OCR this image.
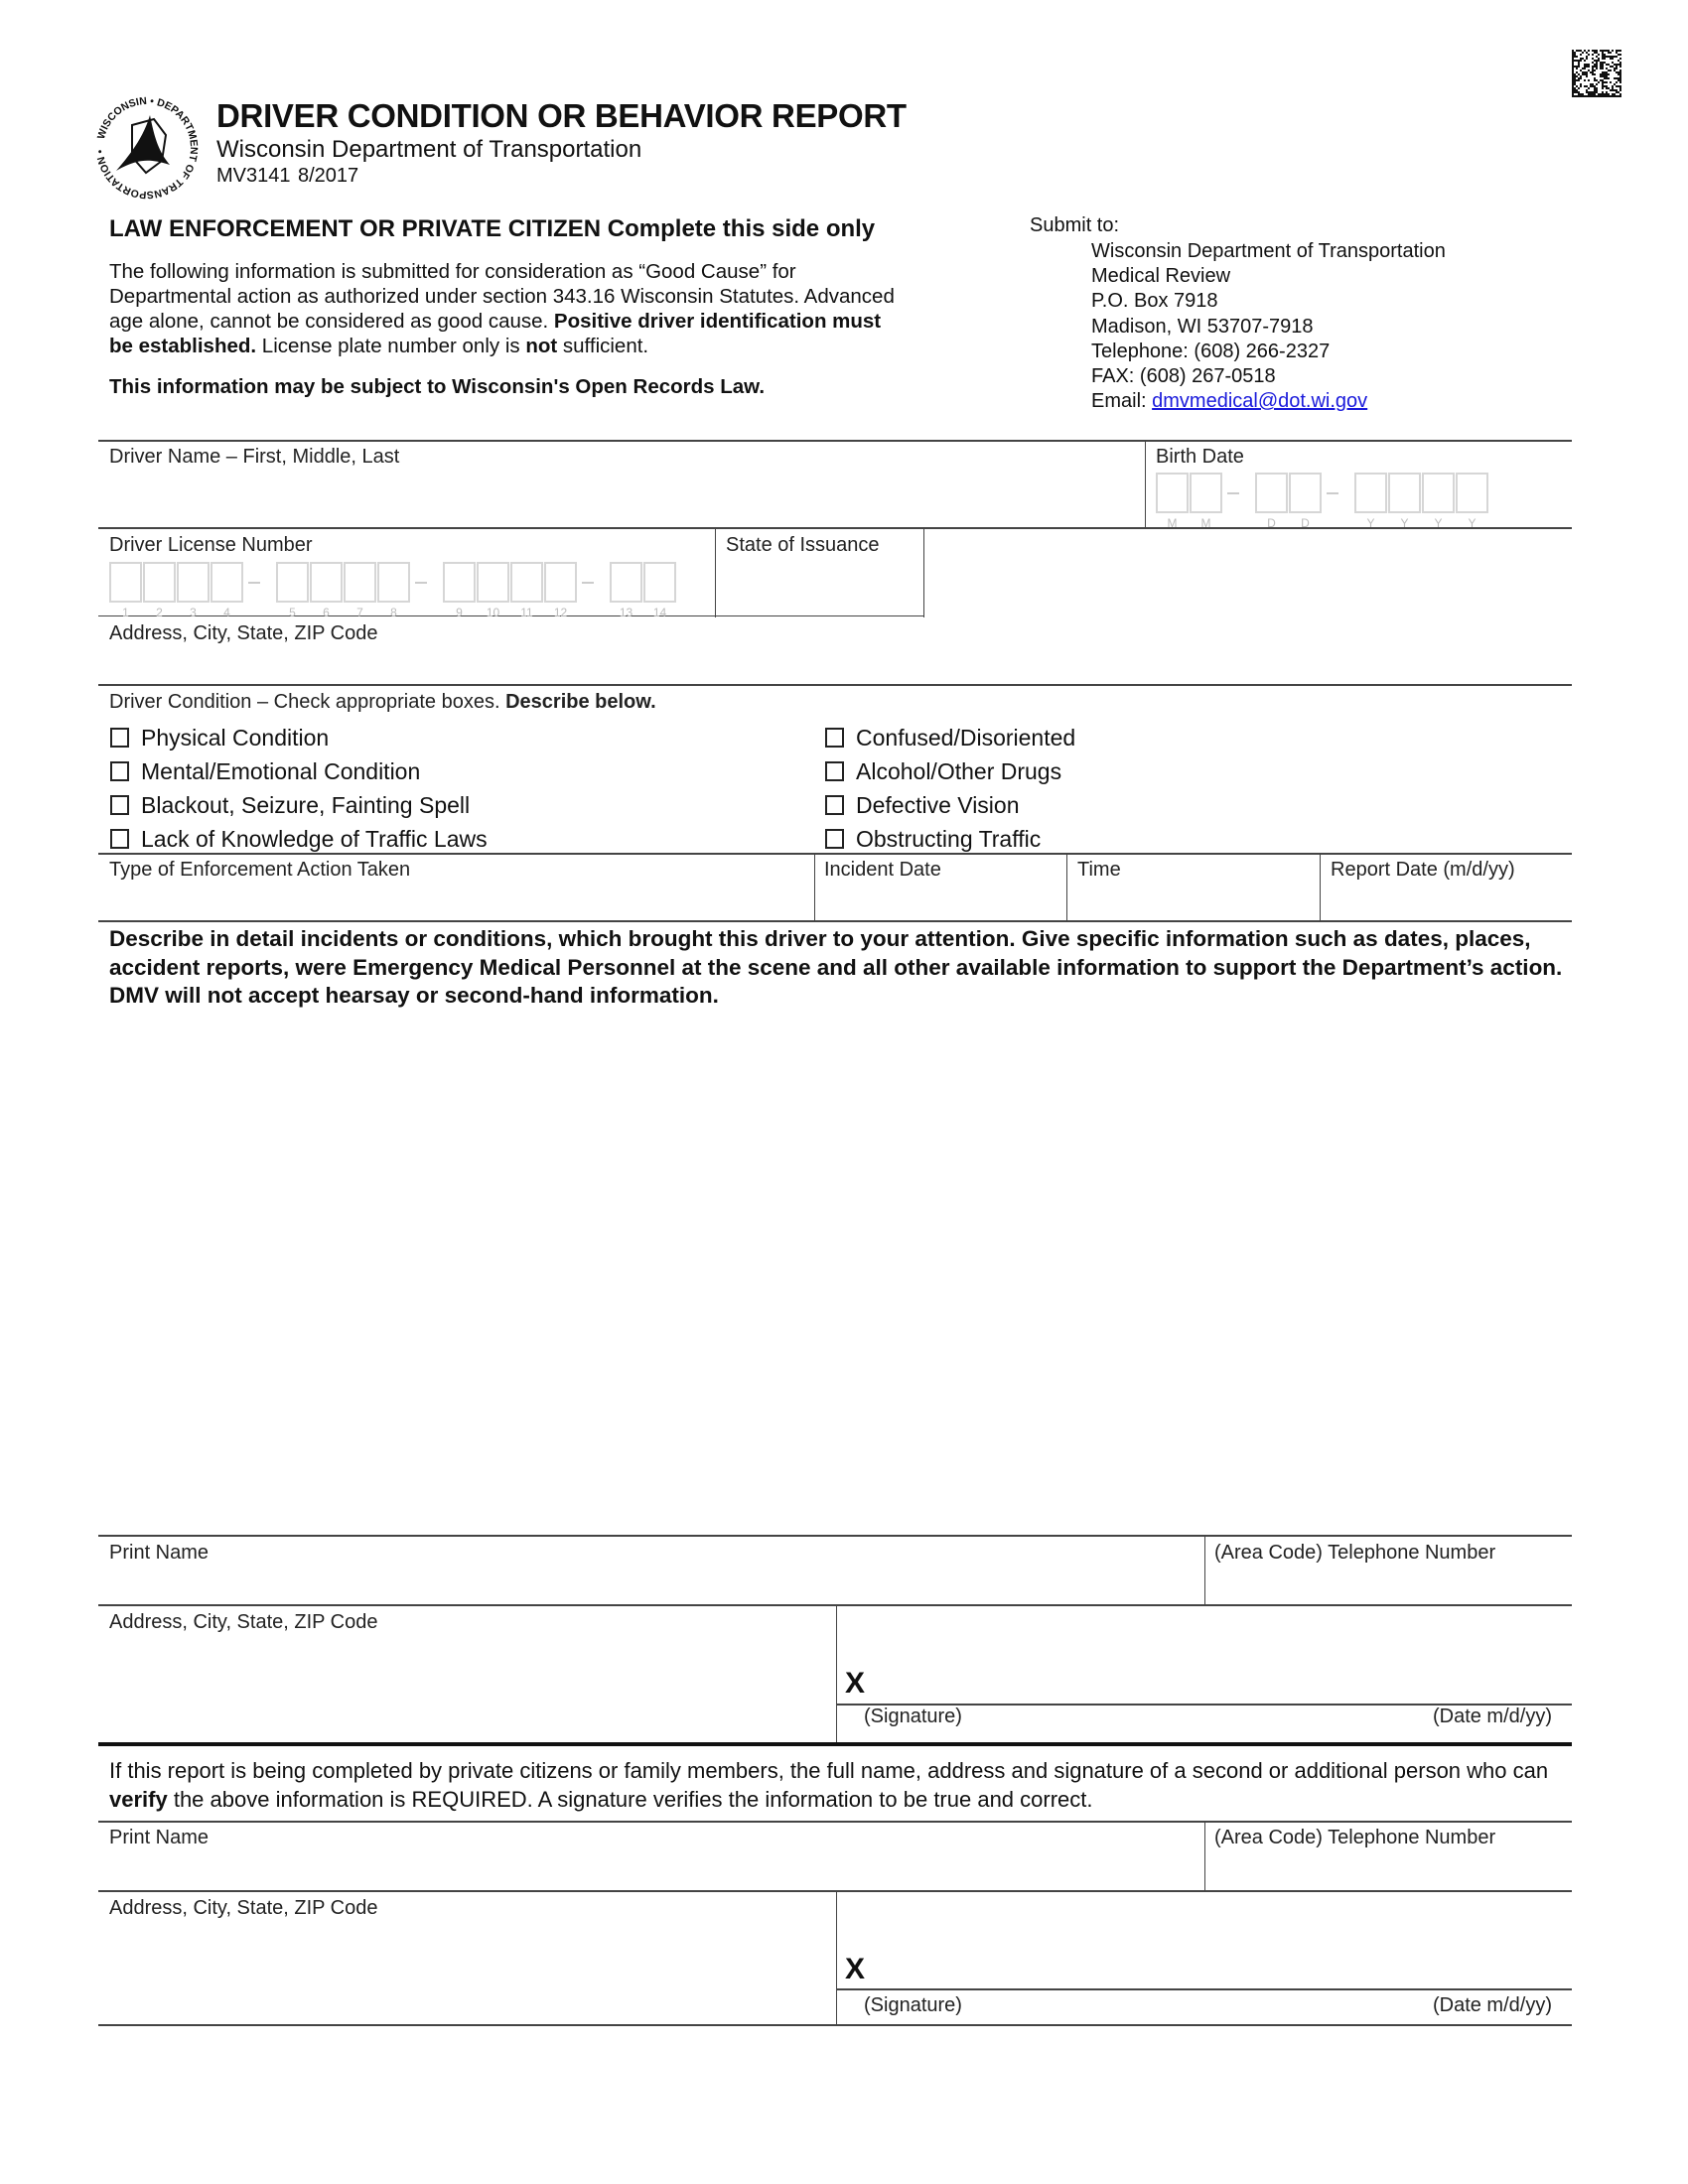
WISCONSIN • DEPARTMENT OF TRANSPORTATION •
DRIVER CONDITION OR BEHAVIOR REPORT
Wisconsin Department of Transportation
MV3141 8/2017
LAW ENFORCEMENT OR PRIVATE CITIZEN Complete this side only
The following information is submitted for consideration as “Good Cause” for Departmental action as authorized under section 343.16 Wisconsin Statutes. Advanced age alone, cannot be considered as good cause. Positive driver identification must be established. License plate number only is not sufficient.
This information may be subject to Wisconsin's Open Records Law.
Submit to:
Wisconsin Department of Transportation
Medical Review
P.O. Box 7918
Madison, WI 53707-7918
Telephone: (608) 266-2327
FAX: (608) 267-0518
Email: dmvmedical@dot.wi.gov
Driver Name – First, Middle, Last	Birth Date
Driver License Number	State of Issuance
Address, City, State, ZIP Code
Driver Condition – Check appropriate boxes. Describe below.
Physical Condition
Mental/Emotional Condition
Blackout, Seizure, Fainting Spell
Lack of Knowledge of Traffic Laws
Confused/Disoriented
Alcohol/Other Drugs
Defective Vision
Obstructing Traffic
Type of Enforcement Action Taken	Incident Date	Time	Report Date (m/d/yy)
Describe in detail incidents or conditions, which brought this driver to your attention. Give specific information such as dates, places, accident reports, were Emergency Medical Personnel at the scene and all other available information to support the Department’s action. DMV will not accept hearsay or second-hand information.
Print Name	(Area Code) Telephone Number
Address, City, State, ZIP Code
X
(Signature)	(Date m/d/yy)
If this report is being completed by private citizens or family members, the full name, address and signature of a second or additional person who can verify the above information is REQUIRED. A signature verifies the information to be true and correct.
Print Name	(Area Code) Telephone Number
Address, City, State, ZIP Code
X
(Signature)	(Date m/d/yy)
1	2	3	4	5	6	7	8	9	10	11	12	13	14
M	M	D	D	Y	Y	Y	Y
